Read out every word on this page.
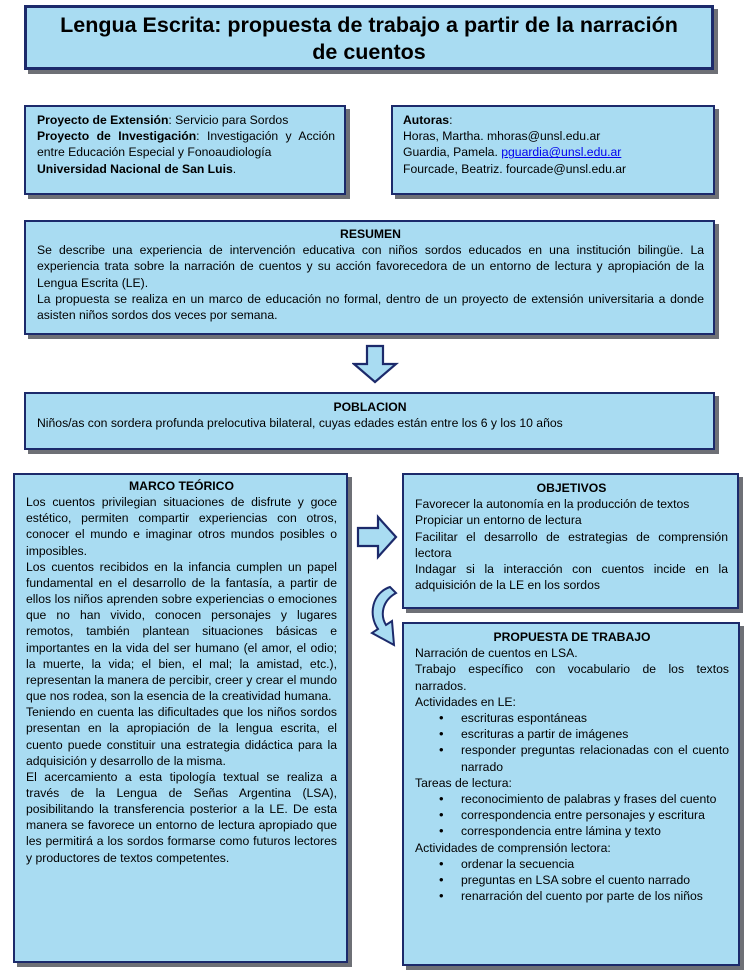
Lengua Escrita: propuesta de trabajo a partir de la narración
de cuentos

Proyecto de Extensión: Servicio para Sordos

Proyecto de Investigación: Investigación y Acción entre Educación Especial y Fonoaudiología

Universidad Nacional de San Luis.

Autoras:

Horas, Martha. mhoras@unsl.edu.ar

Guardia, Pamela. pguardia@unsl.edu.ar

Fourcade, Beatriz. fourcade@unsl.edu.ar

RESUMEN

Se describe una experiencia de intervención educativa con niños sordos educados en una institución bilingüe. La experiencia trata sobre la narración de cuentos y su acción favorecedora de un entorno de lectura y apropiación de la Lengua Escrita (LE).

La propuesta se realiza en un marco de educación no formal, dentro de un proyecto de extensión universitaria a donde asisten niños sordos dos veces por semana.

POBLACION

Niños/as con sordera profunda prelocutiva bilateral, cuyas edades están entre los 6 y los 10 años

MARCO TEÓRICO

Los cuentos privilegian situaciones de disfrute y goce estético, permiten compartir experiencias con otros, conocer el mundo e imaginar otros mundos posibles o imposibles.

Los cuentos recibidos en la infancia cumplen un papel fundamental en el desarrollo de la fantasía, a partir de ellos los niños aprenden sobre experiencias o emociones que no han vivido, conocen personajes y lugares remotos, también plantean situaciones básicas e importantes en la vida del ser humano (el amor, el odio; la muerte, la vida; el bien, el mal; la amistad, etc.), representan la manera de percibir, creer y crear el mundo que nos rodea, son la esencia de la creatividad humana.

Teniendo en cuenta las dificultades que los niños sordos presentan en la apropiación de la lengua escrita, el cuento puede constituir una estrategia didáctica para la adquisición y desarrollo de la misma.

El acercamiento a esta tipología textual se realiza a través de la Lengua de Señas Argentina (LSA), posibilitando la transferencia posterior a la LE. De esta manera se favorece un entorno de lectura apropiado que les permitirá a los sordos formarse como futuros lectores y productores de textos competentes.

OBJETIVOS

Favorecer la autonomía en la producción de textos

Propiciar un entorno de lectura

Facilitar el desarrollo de estrategias de comprensión lectora

Indagar si la interacción con cuentos incide en la adquisición de la LE en los sordos

PROPUESTA DE TRABAJO

Narración de cuentos en LSA.

Trabajo específico con vocabulario de los textos narrados.

Actividades en LE:

• escrituras espontáneas
• escrituras a partir de imágenes
• responder preguntas relacionadas con el cuento narrado

Tareas de lectura:

• reconocimiento de palabras y frases del cuento
• correspondencia entre personajes y escritura
• correspondencia entre lámina y texto

Actividades de comprensión lectora:

• ordenar la secuencia
• preguntas en LSA sobre el cuento narrado
• renarración del cuento por parte de los niños
